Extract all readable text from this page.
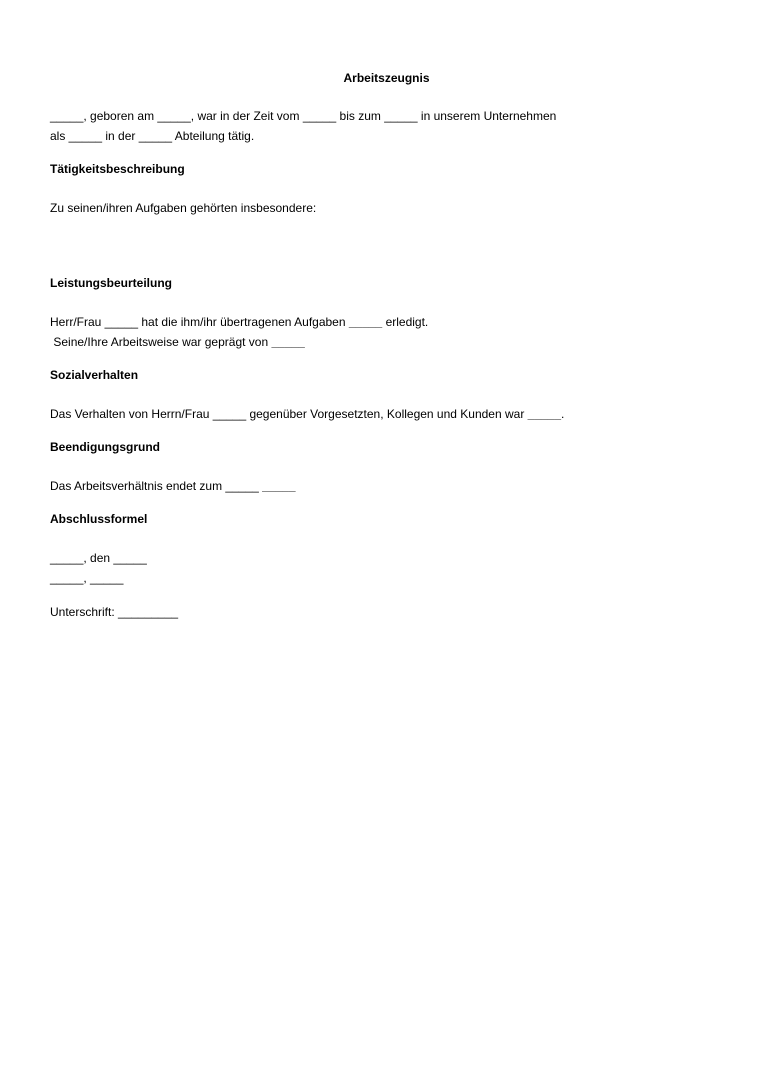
Arbeitszeugnis

_____, geboren am _____, war in der Zeit vom _____ bis zum _____ in unserem Unternehmen

als _____ in der _____ Abteilung tätig.

Tätigkeitsbeschreibung

Zu seinen/ihren Aufgaben gehörten insbesondere:

Leistungsbeurteilung

Herr/Frau _____ hat die ihm/ihr übertragenen Aufgaben _____ erledigt.

Seine/Ihre Arbeitsweise war geprägt von _____

Sozialverhalten

Das Verhalten von Herrn/Frau _____ gegenüber Vorgesetzten, Kollegen und Kunden war _____.

Beendigungsgrund

Das Arbeitsverhältnis endet zum _____ _____

Abschlussformel

_____, den _____

_____, _____

Unterschrift: _________
